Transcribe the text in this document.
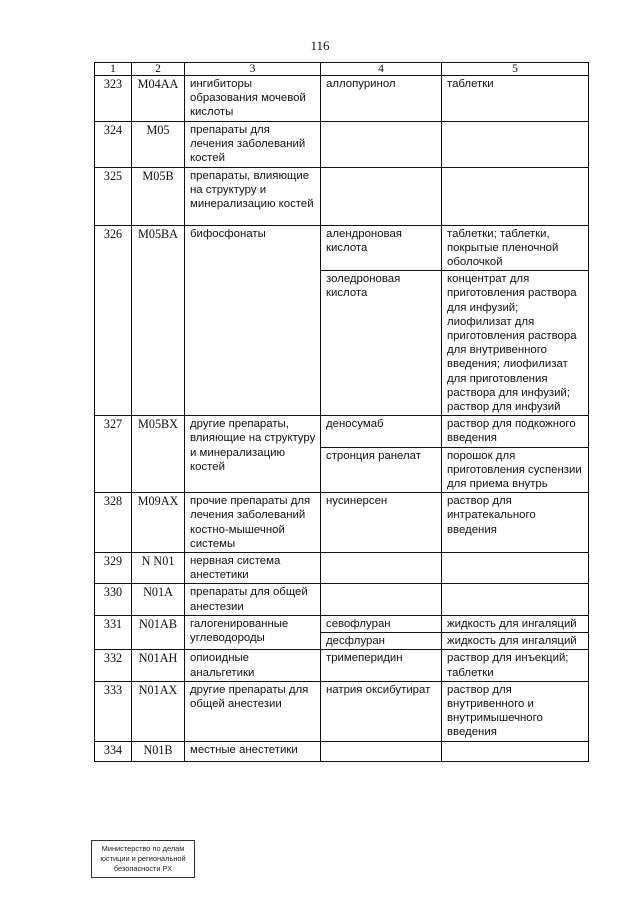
116
1	2	3	4	5
323	M04AA	ингибиторы образования мочевой кислоты	аллопуринол	таблетки
324	M05	препараты для лечения заболеваний костей		
325	M05B	препараты, влияющие на структуру и минерализацию костей		
326	M05BA	бифосфонаты	алендроновая кислота	таблетки; таблетки, покрытые пленочной оболочкой
			золедроновая кислота	концентрат для приготовления раствора для инфузий; лиофилизат для приготовления раствора для внутривенного введения; лиофилизат для приготовления раствора для инфузий; раствор для инфузий
327	M05BX	другие препараты, влияющие на структуру и минерализацию костей	деносумаб	раствор для подкожного введения
			стронция ранелат	порошок для приготовления суспензии для приема внутрь
328	M09AX	прочие препараты для лечения заболеваний костно-мышечной системы	нусинерсен	раствор для интратекального введения
329	N N01	нервная система анестетики		
330	N01A	препараты для общей анестезии		
331	N01AB	галогенированные углеводороды	севофлуран	жидкость для ингаляций
			десфлуран	жидкость для ингаляций
332	N01AH	опиоидные анальгетики	тримеперидин	раствор для инъекций; таблетки
333	N01AX	другие препараты для общей анестезии	натрия оксибутират	раствор для внутривенного и внутримышечного введения
334	N01B	местные анестетики		
Министерство по делам
юстиции и региональной
безопасности РХ
